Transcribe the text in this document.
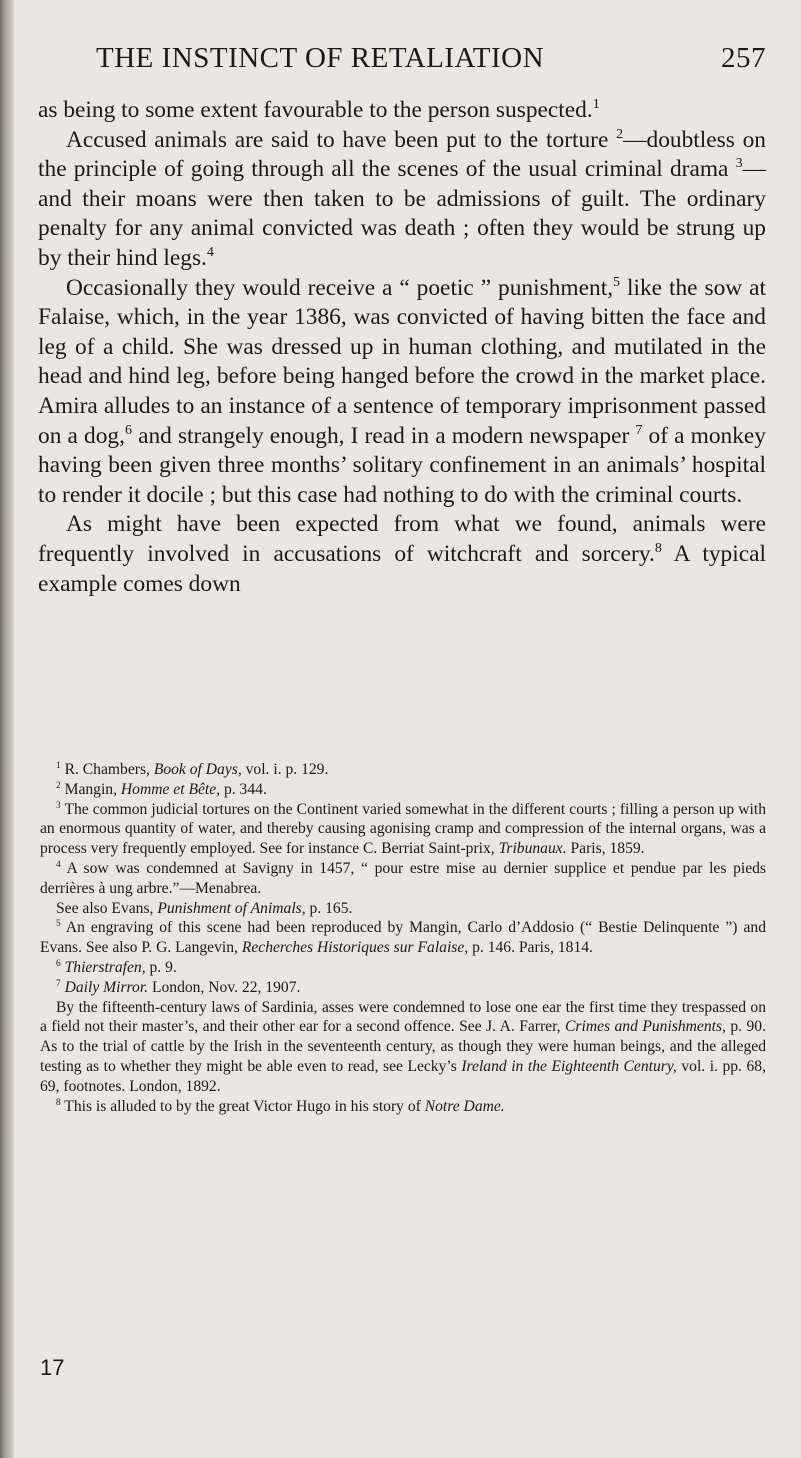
THE INSTINCT OF RETALIATION	257

as being to some extent favourable to the person suspected.$^1$

Accused animals are said to have been put to the torture $^2$—doubtless on the principle of going through all the scenes of the usual criminal drama $^3$—and their moans were then taken to be admissions of guilt. The ordinary penalty for any animal convicted was death ; often they would be strung up by their hind legs.$^4$

Occasionally they would receive a “ poetic ” punishment,$^5$ like the sow at Falaise, which, in the year 1386, was convicted of having bitten the face and leg of a child. She was dressed up in human clothing, and mutilated in the head and hind leg, before being hanged before the crowd in the market place. Amira alludes to an instance of a sentence of temporary imprisonment passed on a dog,$^6$ and strangely enough, I read in a modern newspaper $^7$ of a monkey having been given three months’ solitary confinement in an animals’ hospital to render it docile ; but this case had nothing to do with the criminal courts.

As might have been expected from what we found, animals were frequently involved in accusations of witchcraft and sorcery.$^8$ A typical example comes down

$^1$ R. Chambers, Book of Days, vol. i. p. 129.

$^2$ Mangin, Homme et Bête, p. 344.

$^3$ The common judicial tortures on the Continent varied somewhat in the different courts ; filling a person up with an enormous quantity of water, and thereby causing agonising cramp and compression of the internal organs, was a process very frequently employed. See for instance C. Berriat Saint-prix, Tribunaux. Paris, 1859.

$^4$ A sow was condemned at Savigny in 1457, “ pour estre mise au dernier supplice et pendue par les pieds derrières à ung arbre.”—Menabrea.

See also Evans, Punishment of Animals, p. 165.

$^5$ An engraving of this scene had been reproduced by Mangin, Carlo d’Addosio (“ Bestie Delinquente ”) and Evans. See also P. G. Langevin, Recherches Historiques sur Falaise, p. 146. Paris, 1814.

$^6$ Thierstrafen, p. 9.

$^7$ Daily Mirror. London, Nov. 22, 1907.

By the fifteenth-century laws of Sardinia, asses were condemned to lose one ear the first time they trespassed on a field not their master’s, and their other ear for a second offence. See J. A. Farrer, Crimes and Punishments, p. 90. As to the trial of cattle by the Irish in the seventeenth century, as though they were human beings, and the alleged testing as to whether they might be able even to read, see Lecky’s Ireland in the Eighteenth Century, vol. i. pp. 68, 69, footnotes. London, 1892.

$^8$ This is alluded to by the great Victor Hugo in his story of Notre Dame.

17
